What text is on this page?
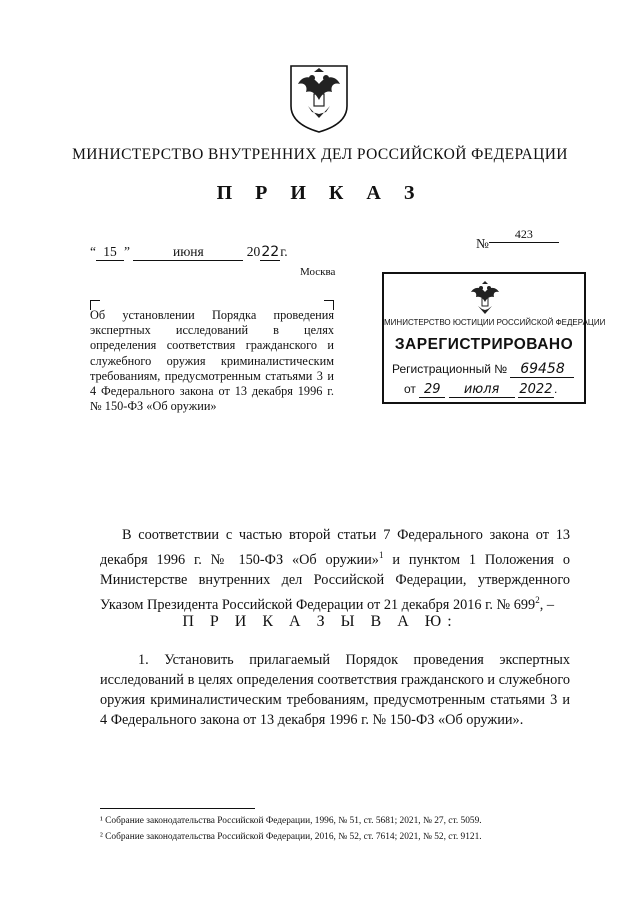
МИНИСТЕРСТВО ВНУТРЕННИХ ДЕЛ РОССИЙСКОЙ ФЕДЕРАЦИИ
П Р И К А З
“ 15 ”	июня	2022г.
Москва
№423
Об установлении Порядка проведения экспертных исследований в целях определения соответствия гражданского и служебного оружия криминалистическим требованиям, предусмотренным статьями 3 и 4 Федерального закона от 13 декабря 1996 г. № 150-ФЗ «Об оружии»
МИНИСТЕРСТВО ЮСТИЦИИ РОССИЙСКОЙ ФЕДЕРАЦИИ
ЗАРЕГИСТРИРОВАНО
Регистрационный № 69458
от 29 июля 2022.
В соответствии с частью второй статьи 7 Федерального закона от 13 декабря 1996 г. № 150-ФЗ «Об оружии»$^1$ и пунктом 1 Положения о Министерстве внутренних дел Российской Федерации, утвержденного Указом Президента Российской Федерации от 21 декабря 2016 г. № $699^2$, –
П Р И К А З Ы В А Ю:
1. Установить прилагаемый Порядок проведения экспертных исследований в целях определения соответствия гражданского и служебного оружия криминалистическим требованиям, предусмотренным статьями 3 и 4 Федерального закона от 13 декабря 1996 г. № 150-ФЗ «Об оружии».
¹ Собрание законодательства Российской Федерации, 1996, № 51, ст. 5681; 2021, № 27, ст. 5059.
² Собрание законодательства Российской Федерации, 2016, № 52, ст. 7614; 2021, № 52, ст. 9121.
